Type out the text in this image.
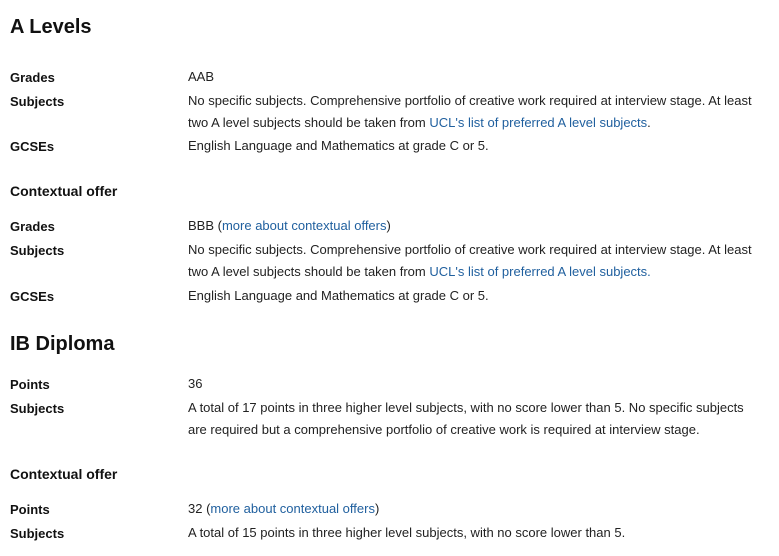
A Levels
Grades	AAB
Subjects	No specific subjects. Comprehensive portfolio of creative work required at interview stage. At least two A level subjects should be taken from UCL's list of preferred A level subjects.
GCSEs	English Language and Mathematics at grade C or 5.
Contextual offer
Grades	BBB (more about contextual offers)
Subjects	No specific subjects. Comprehensive portfolio of creative work required at interview stage. At least two A level subjects should be taken from UCL's list of preferred A level subjects.
GCSEs	English Language and Mathematics at grade C or 5.
IB Diploma
Points	36
Subjects	A total of 17 points in three higher level subjects, with no score lower than 5. No specific subjects are required but a comprehensive portfolio of creative work is required at interview stage.
Contextual offer
Points	32 (more about contextual offers)
Subjects	A total of 15 points in three higher level subjects, with no score lower than 5.
